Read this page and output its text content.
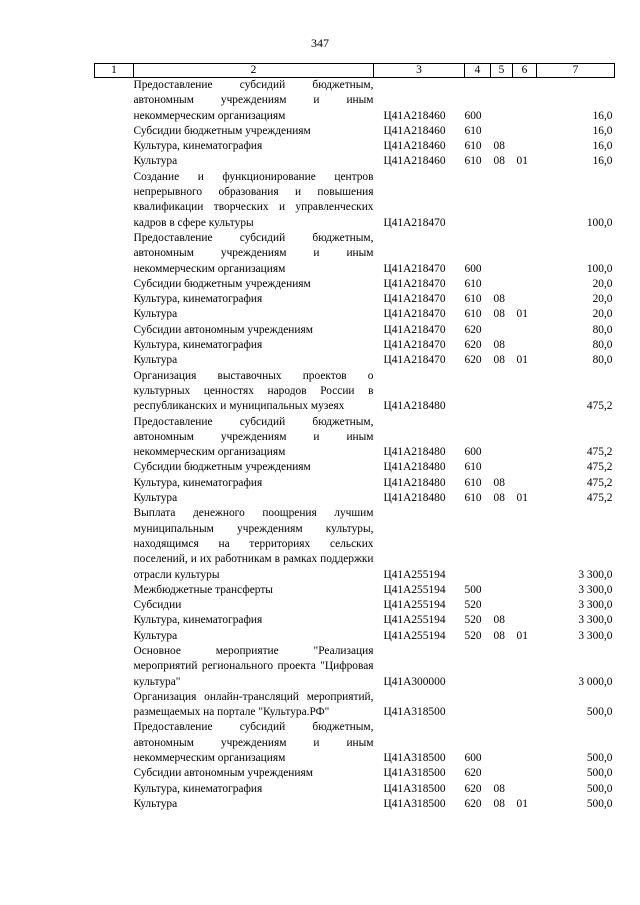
347
1	2	3	4	5	6	7
	Предоставление субсидий бюджетным, автономным учреждениям и иным некоммерческим организациям	Ц41А218460	600			16,0
	Субсидии бюджетным учреждениям	Ц41А218460	610			16,0
	Культура, кинематография	Ц41А218460	610	08		16,0
	Культура	Ц41А218460	610	08	01	16,0
	Создание и функционирование центров непрерывного образования и повышения квалификации творческих и управленческих кадров в сфере культуры	Ц41А218470				100,0
	Предоставление субсидий бюджетным, автономным учреждениям и иным некоммерческим организациям	Ц41А218470	600			100,0
	Субсидии бюджетным учреждениям	Ц41А218470	610			20,0
	Культура, кинематография	Ц41А218470	610	08		20,0
	Культура	Ц41А218470	610	08	01	20,0
	Субсидии автономным учреждениям	Ц41А218470	620			80,0
	Культура, кинематография	Ц41А218470	620	08		80,0
	Культура	Ц41А218470	620	08	01	80,0
	Организация выставочных проектов о культурных ценностях народов России в республиканских и муниципальных музеях	Ц41А218480				475,2
	Предоставление субсидий бюджетным, автономным учреждениям и иным некоммерческим организациям	Ц41А218480	600			475,2
	Субсидии бюджетным учреждениям	Ц41А218480	610			475,2
	Культура, кинематография	Ц41А218480	610	08		475,2
	Культура	Ц41А218480	610	08	01	475,2
	Выплата денежного поощрения лучшим муниципальным учреждениям культуры, находящимся на территориях сельских поселений, и их работникам в рамках поддержки отрасли культуры	Ц41А255194				3 300,0
	Межбюджетные трансферты	Ц41А255194	500			3 300,0
	Субсидии	Ц41А255194	520			3 300,0
	Культура, кинематография	Ц41А255194	520	08		3 300,0
	Культура	Ц41А255194	520	08	01	3 300,0
	Основное мероприятие "Реализация мероприятий регионального проекта "Цифровая культура"	Ц41А300000				3 000,0
	Организация онлайн-трансляций мероприятий, размещаемых на портале "Культура.РФ"	Ц41А318500				500,0
	Предоставление субсидий бюджетным, автономным учреждениям и иным некоммерческим организациям	Ц41А318500	600			500,0
	Субсидии автономным учреждениям	Ц41А318500	620			500,0
	Культура, кинематография	Ц41А318500	620	08		500,0
	Культура	Ц41А318500	620	08	01	500,0
